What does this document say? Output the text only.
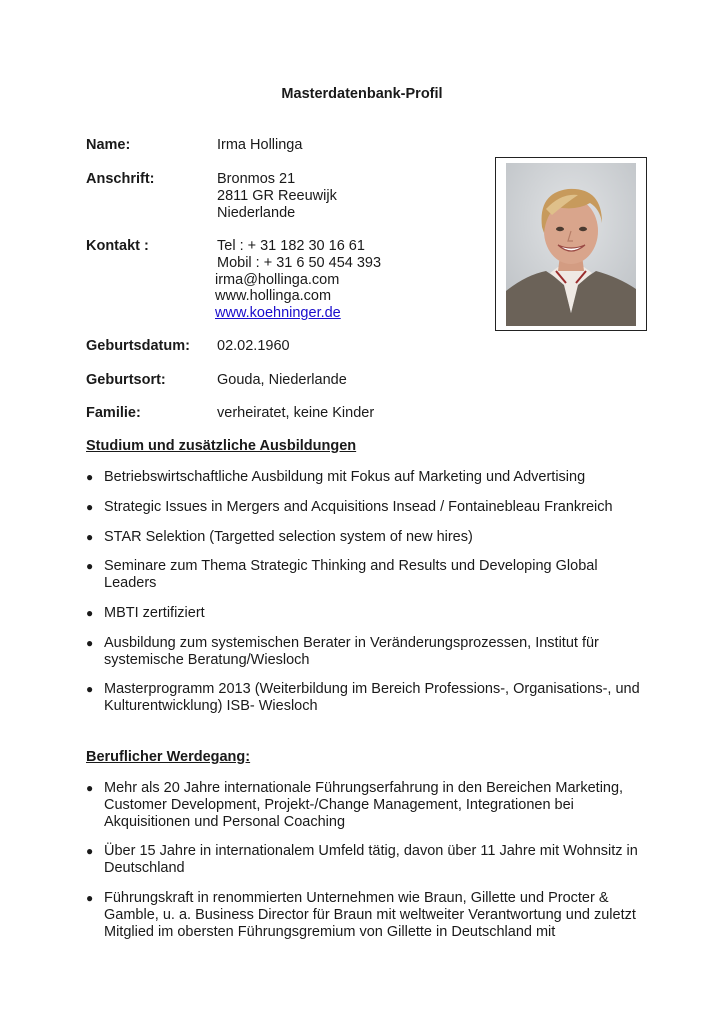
Masterdatenbank-Profil
Name:	Irma Hollinga
Anschrift:	Bronmos 21
2811 GR Reeuwijk
Niederlande
Kontakt :	Tel : + 31 182 30 16 61
Mobil : + 31 6 50 454 393
irma@hollinga.com
www.hollinga.com
www.koehninger.de
Geburtsdatum: 02.02.1960
Geburtsort:	Gouda, Niederlande
Familie:	verheiratet, keine Kinder
Studium und zusätzliche Ausbildungen
● Betriebswirtschaftliche Ausbildung mit Fokus auf Marketing und Advertising
● Strategic Issues in Mergers and Acquisitions Insead / Fontainebleau Frankreich
● STAR Selektion (Targetted selection system of new hires)
● Seminare zum Thema Strategic Thinking and Results und Developing Global Leaders
● MBTI zertifiziert
● Ausbildung zum systemischen Berater in Veränderungsprozessen, Institut für systemische Beratung/Wiesloch
● Masterprogramm 2013 (Weiterbildung im Bereich Professions-, Organisations-, und Kulturentwicklung) ISB- Wiesloch
Beruflicher Werdegang:
● Mehr als 20 Jahre internationale Führungserfahrung in den Bereichen Marketing, Customer Development, Projekt-/Change Management, Integrationen bei Akquisitionen und Personal Coaching
● Über 15 Jahre in internationalem Umfeld tätig, davon über 11 Jahre mit Wohnsitz in Deutschland
● Führungskraft in renommierten Unternehmen wie Braun, Gillette und Procter & Gamble, u. a. Business Director für Braun mit weltweiter Verantwortung und zuletzt Mitglied im obersten Führungsgremium von Gillette in Deutschland mit
